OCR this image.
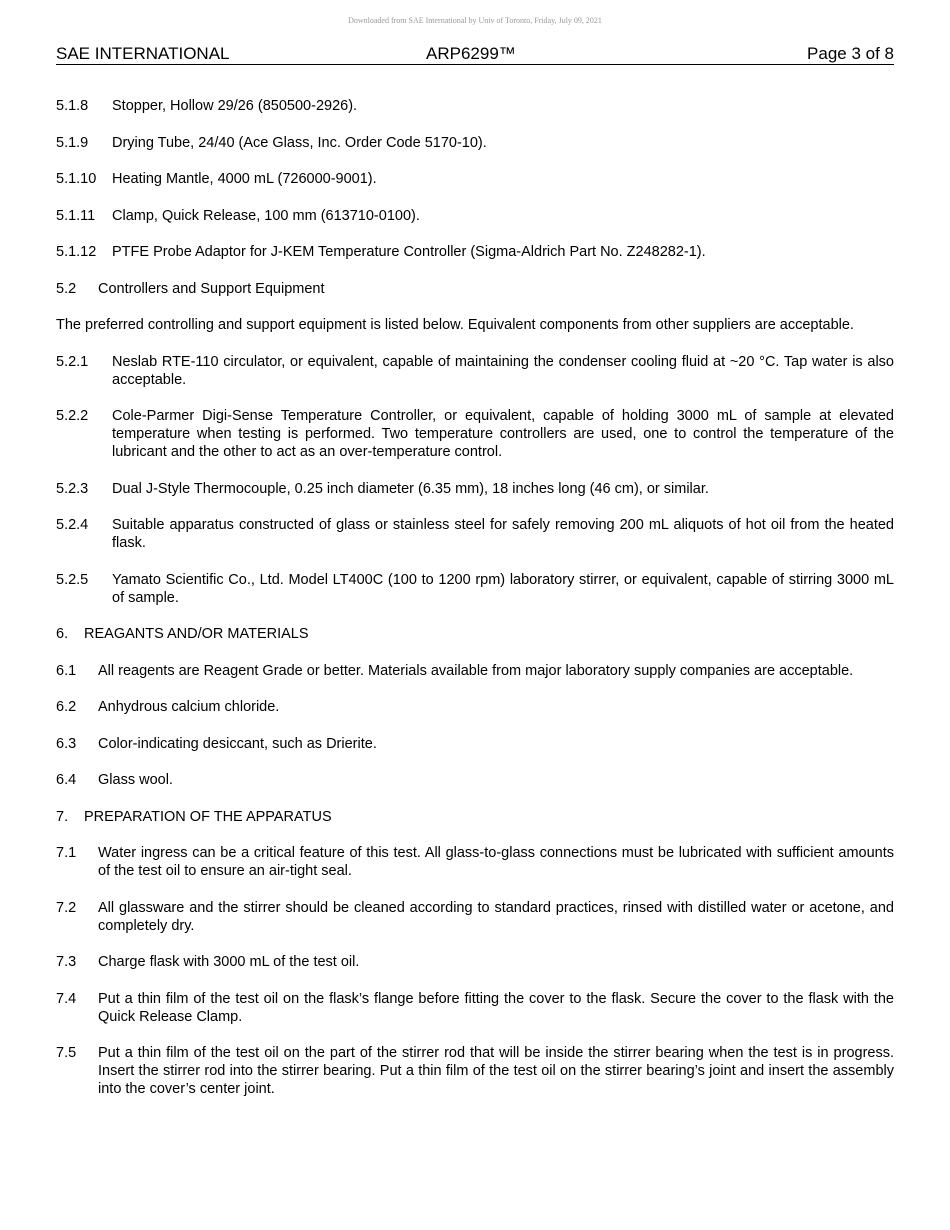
Downloaded from SAE International by Univ of Toronto, Friday, July 09, 2021
SAE INTERNATIONAL	ARP6299™	Page 3 of 8
5.1.8 Stopper, Hollow 29/26 (850500-2926).
5.1.9 Drying Tube, 24/40 (Ace Glass, Inc. Order Code 5170-10).
5.1.10 Heating Mantle, 4000 mL (726000-9001).
5.1.11 Clamp, Quick Release, 100 mm (613710-0100).
5.1.12 PTFE Probe Adaptor for J-KEM Temperature Controller (Sigma-Aldrich Part No. Z248282-1).
5.2 Controllers and Support Equipment
The preferred controlling and support equipment is listed below. Equivalent components from other suppliers are acceptable.
5.2.1 Neslab RTE-110 circulator, or equivalent, capable of maintaining the condenser cooling fluid at ~20 °C. Tap water is also acceptable.
5.2.2 Cole-Parmer Digi-Sense Temperature Controller, or equivalent, capable of holding 3000 mL of sample at elevated temperature when testing is performed. Two temperature controllers are used, one to control the temperature of the lubricant and the other to act as an over-temperature control.
5.2.3 Dual J-Style Thermocouple, 0.25 inch diameter (6.35 mm), 18 inches long (46 cm), or similar.
5.2.4 Suitable apparatus constructed of glass or stainless steel for safely removing 200 mL aliquots of hot oil from the heated flask.
5.2.5 Yamato Scientific Co., Ltd. Model LT400C (100 to 1200 rpm) laboratory stirrer, or equivalent, capable of stirring 3000 mL of sample.
6. REAGANTS AND/OR MATERIALS
6.1 All reagents are Reagent Grade or better. Materials available from major laboratory supply companies are acceptable.
6.2 Anhydrous calcium chloride.
6.3 Color-indicating desiccant, such as Drierite.
6.4 Glass wool.
7. PREPARATION OF THE APPARATUS
7.1 Water ingress can be a critical feature of this test. All glass-to-glass connections must be lubricated with sufficient amounts of the test oil to ensure an air-tight seal.
7.2 All glassware and the stirrer should be cleaned according to standard practices, rinsed with distilled water or acetone, and completely dry.
7.3 Charge flask with 3000 mL of the test oil.
7.4 Put a thin film of the test oil on the flask’s flange before fitting the cover to the flask. Secure the cover to the flask with the Quick Release Clamp.
7.5 Put a thin film of the test oil on the part of the stirrer rod that will be inside the stirrer bearing when the test is in progress. Insert the stirrer rod into the stirrer bearing. Put a thin film of the test oil on the stirrer bearing’s joint and insert the assembly into the cover’s center joint.
